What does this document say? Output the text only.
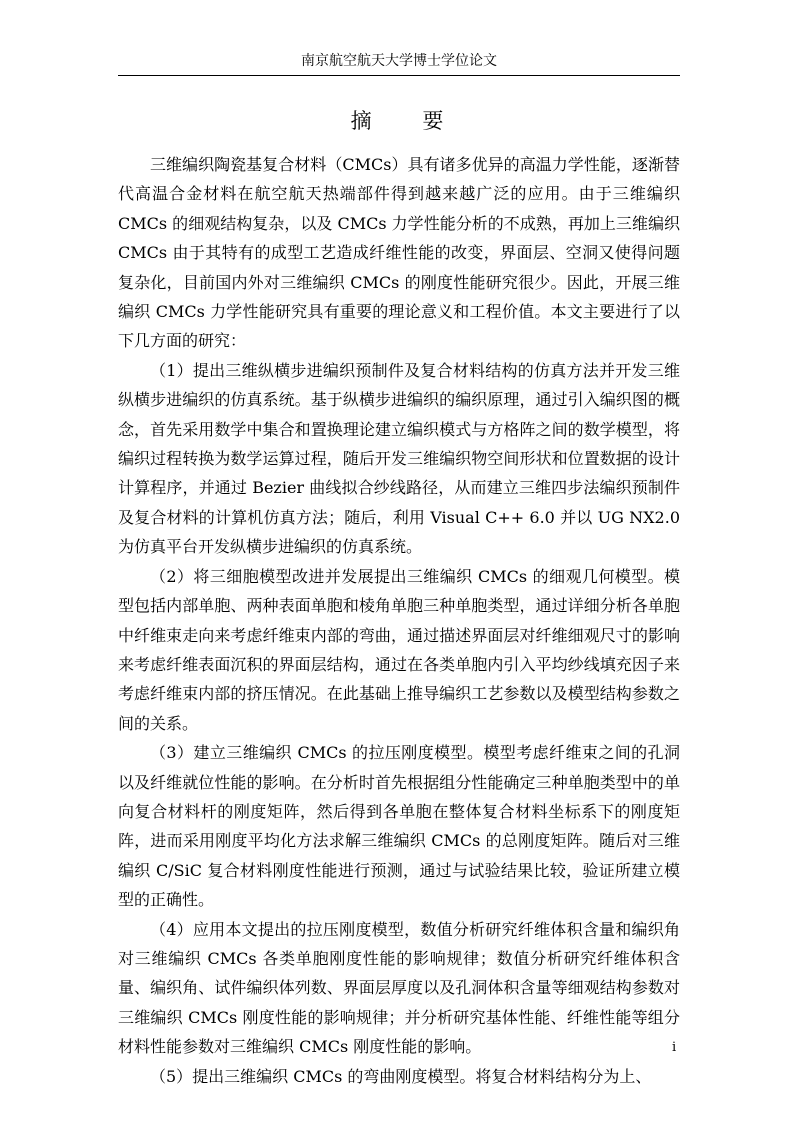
南京航空航天大学博士学位论文
摘 要

三维编织陶瓷基复合材料（CMCs）具有诸多优异的高温力学性能，逐渐替代高温合金材料在航空航天热端部件得到越来越广泛的应用。由于三维编织 CMCs 的细观结构复杂，以及 CMCs 力学性能分析的不成熟，再加上三维编织 CMCs 由于其特有的成型工艺造成纤维性能的改变，界面层、空洞又使得问题复杂化，目前国内外对三维编织 CMCs 的刚度性能研究很少。因此，开展三维编织 CMCs 力学性能研究具有重要的理论意义和工程价值。本文主要进行了以下几方面的研究：

（1）提出三维纵横步进编织预制件及复合材料结构的仿真方法并开发三维纵横步进编织的仿真系统。基于纵横步进编织的编织原理，通过引入编织图的概念，首先采用数学中集合和置换理论建立编织模式与方格阵之间的数学模型，将编织过程转换为数学运算过程，随后开发三维编织物空间形状和位置数据的设计计算程序，并通过 Bezier 曲线拟合纱线路径，从而建立三维四步法编织预制件及复合材料的计算机仿真方法；随后，利用 Visual C++ 6.0 并以 UG NX2.0 为仿真平台开发纵横步进编织的仿真系统。

（2）将三细胞模型改进并发展提出三维编织 CMCs 的细观几何模型。模型包括内部单胞、两种表面单胞和棱角单胞三种单胞类型，通过详细分析各单胞中纤维束走向来考虑纤维束内部的弯曲，通过描述界面层对纤维细观尺寸的影响来考虑纤维表面沉积的界面层结构，通过在各类单胞内引入平均纱线填充因子来考虑纤维束内部的挤压情况。在此基础上推导编织工艺参数以及模型结构参数之间的关系。

（3）建立三维编织 CMCs 的拉压刚度模型。模型考虑纤维束之间的孔洞以及纤维就位性能的影响。在分析时首先根据组分性能确定三种单胞类型中的单向复合材料杆的刚度矩阵，然后得到各单胞在整体复合材料坐标系下的刚度矩阵，进而采用刚度平均化方法求解三维编织 CMCs 的总刚度矩阵。随后对三维编织 C/SiC 复合材料刚度性能进行预测，通过与试验结果比较，验证所建立模型的正确性。

（4）应用本文提出的拉压刚度模型，数值分析研究纤维体积含量和编织角对三维编织 CMCs 各类单胞刚度性能的影响规律；数值分析研究纤维体积含量、编织角、试件编织体列数、界面层厚度以及孔洞体积含量等细观结构参数对三维编织 CMCs 刚度性能的影响规律；并分析研究基体性能、纤维性能等组分材料性能参数对三维编织 CMCs 刚度性能的影响。

（5）提出三维编织 CMCs 的弯曲刚度模型。将复合材料结构分为上、

i
